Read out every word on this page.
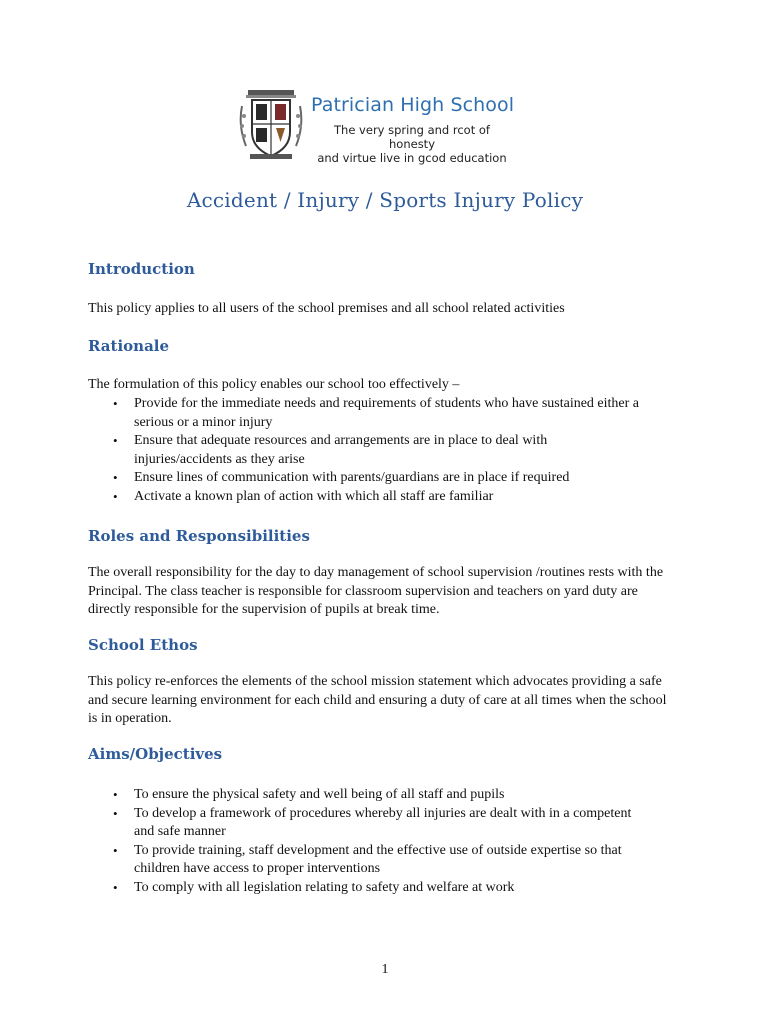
Patrician High School
The very spring and rcot of honesty
and virtue live in gcod education
Accident / Injury / Sports Injury Policy
Introduction

This policy applies to all users of the school premises and all school related activities

Rationale

The formulation of this policy enables our school too effectively –

• Provide for the immediate needs and requirements of students who have sustained either a serious or a minor injury
• Ensure that adequate resources and arrangements are in place to deal with injuries/accidents as they arise
• Ensure lines of communication with parents/guardians are in place if required
• Activate a known plan of action with which all staff are familiar
Roles and Responsibilities

The overall responsibility for the day to day management of school supervision /routines rests with the Principal. The class teacher is responsible for classroom supervision and teachers on yard duty are directly responsible for the supervision of pupils at break time.

School Ethos

This policy re-enforces the elements of the school mission statement which advocates providing a safe and secure learning environment for each child and ensuring a duty of care at all times when the school is in operation.

Aims/Objectives
• To ensure the physical safety and well being of all staff and pupils
• To develop a framework of procedures whereby all injuries are dealt with in a competent and safe manner
• To provide training, staff development and the effective use of outside expertise so that children have access to proper interventions
• To comply with all legislation relating to safety and welfare at work
1
